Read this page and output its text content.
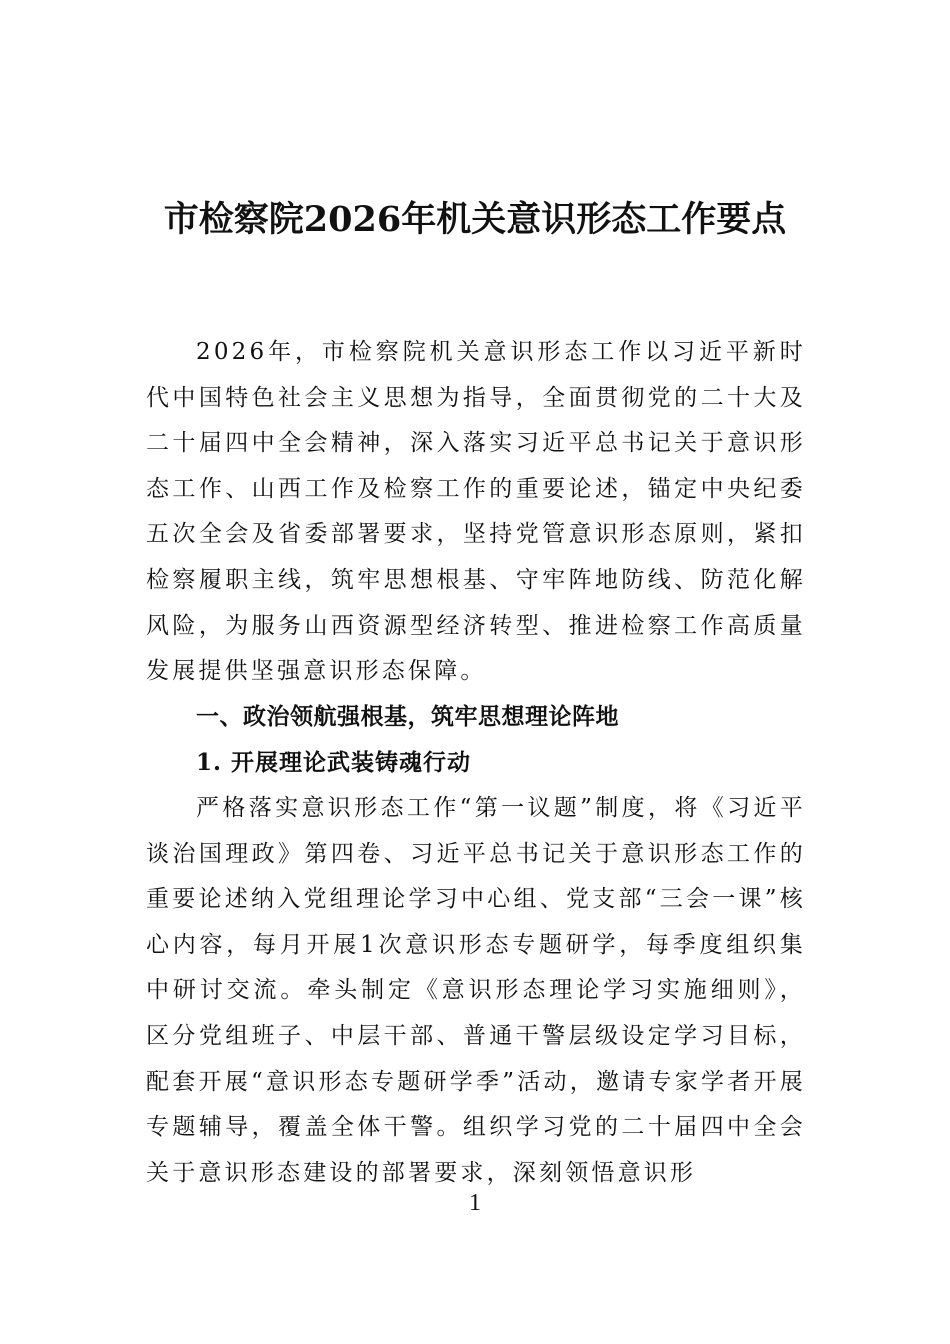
市检察院2026年机关意识形态工作要点

2026年，市检察院机关意识形态工作以习近平新时代中国特色社会主义思想为指导，全面贯彻党的二十大及二十届四中全会精神，深入落实习近平总书记关于意识形态工作、山西工作及检察工作的重要论述，锚定中央纪委五次全会及省委部署要求，坚持党管意识形态原则，紧扣检察履职主线，筑牢思想根基、守牢阵地防线、防范化解风险，为服务山西资源型经济转型、推进检察工作高质量发展提供坚强意识形态保障。

一、政治领航强根基，筑牢思想理论阵地

1. 开展理论武装铸魂行动

严格落实意识形态工作“第一议题”制度，将《习近平谈治国理政》第四卷、习近平总书记关于意识形态工作的重要论述纳入党组理论学习中心组、党支部“三会一课”核心内容，每月开展1次意识形态专题研学，每季度组织集中研讨交流。牵头制定《意识形态理论学习实施细则》，区分党组班子、中层干部、普通干警层级设定学习目标，配套开展“意识形态专题研学季”活动，邀请专家学者开展专题辅导，覆盖全体干警。组织学习党的二十届四中全会关于意识形态建设的部署要求，深刻领悟意识形

1
